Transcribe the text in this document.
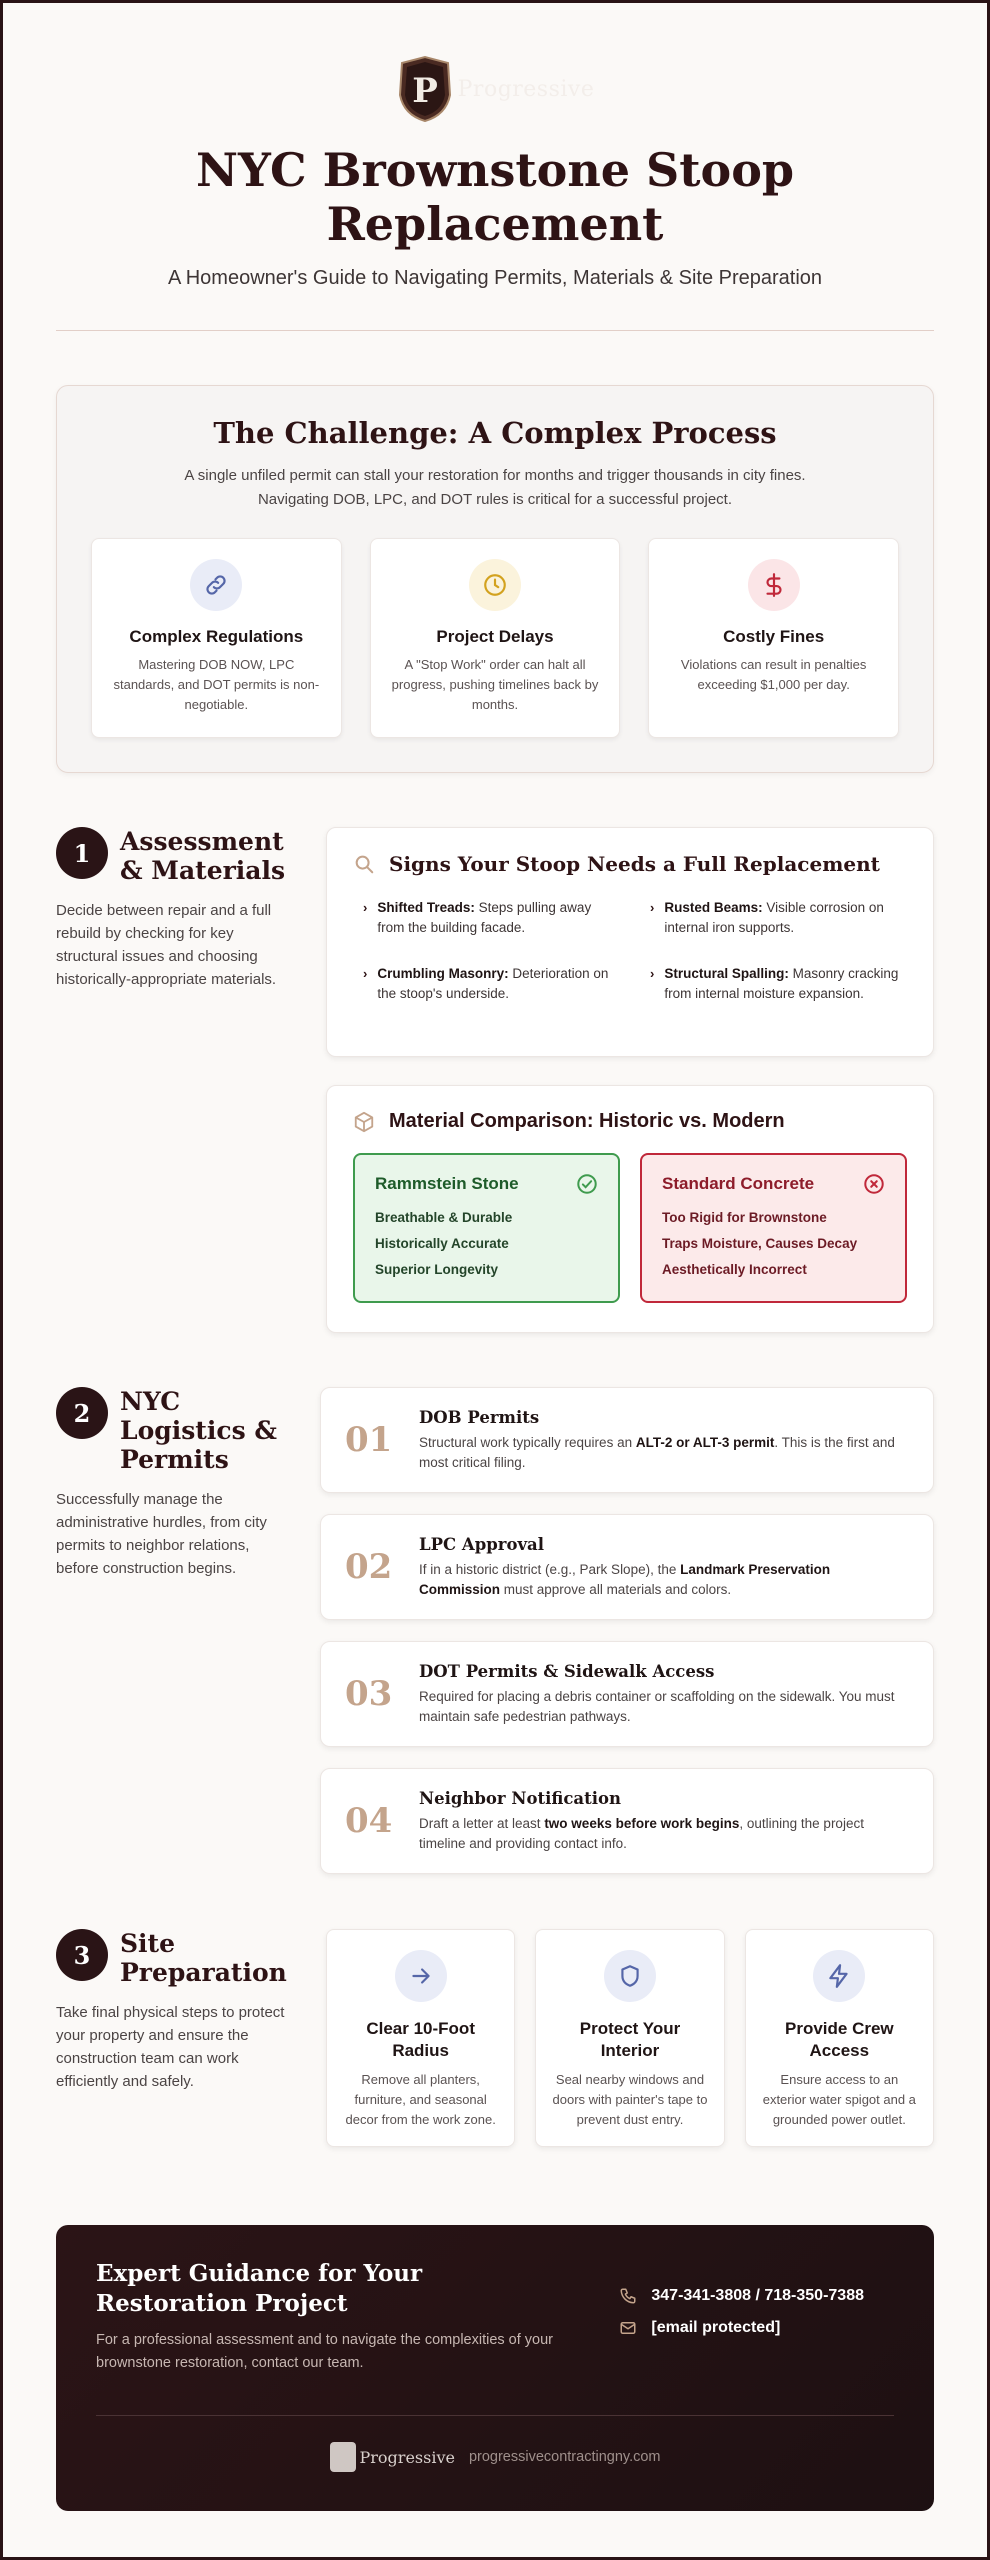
P Progressive
NYC Brownstone Stoop
Replacement
A Homeowner's Guide to Navigating Permits, Materials & Site Preparation
The Challenge: A Complex Process

A single unfiled permit can stall your restoration for months and trigger thousands in city fines. Navigating DOB, LPC, and DOT rules is critical for a successful project.

Complex Regulations

Mastering DOB NOW, LPC standards, and DOT permits is non-negotiable.

Project Delays

A "Stop Work" order can halt all progress, pushing timelines back by months.

Costly Fines

Violations can result in penalties exceeding $1,000 per day.

1	Assessment & Materials

Decide between repair and a full rebuild by checking for key structural issues and choosing historically-appropriate materials.

Signs Your Stoop Needs a Full Replacement
› Shifted Treads: Steps pulling away from the building facade.
› Rusted Beams: Visible corrosion on internal iron supports.
› Crumbling Masonry: Deterioration on the stoop's underside.
› Structural Spalling: Masonry cracking from internal moisture expansion.
Material Comparison: Historic vs. Modern
Rammstein Stone
Breathable & Durable
Historically Accurate
Superior Longevity
Standard Concrete
Too Rigid for Brownstone
Traps Moisture, Causes Decay
Aesthetically Incorrect
2	NYC Logistics & Permits

Successfully manage the administrative hurdles, from city permits to neighbor relations, before construction begins.

01
DOB Permits
Structural work typically requires an ALT-2 or ALT-3 permit. This is the first and most critical filing.
02
LPC Approval
If in a historic district (e.g., Park Slope), the Landmark Preservation Commission must approve all materials and colors.
03
DOT Permits & Sidewalk Access
Required for placing a debris container or scaffolding on the sidewalk. You must maintain safe pedestrian pathways.
04
Neighbor Notification
Draft a letter at least two weeks before work begins, outlining the project timeline and providing contact info.
3	Site Preparation

Take final physical steps to protect your property and ensure the construction team can work efficiently and safely.

Clear 10-Foot Radius

Remove all planters, furniture, and seasonal decor from the work zone.

Protect Your Interior

Seal nearby windows and doors with painter's tape to prevent dust entry.

Provide Crew Access

Ensure access to an exterior water spigot and a grounded power outlet.

Expert Guidance for Your Restoration Project
For a professional assessment and to navigate the complexities of your brownstone restoration, contact our team.
347-341-3808 / 718-350-7388
[email protected]
Progressive progressivecontractingny.com
